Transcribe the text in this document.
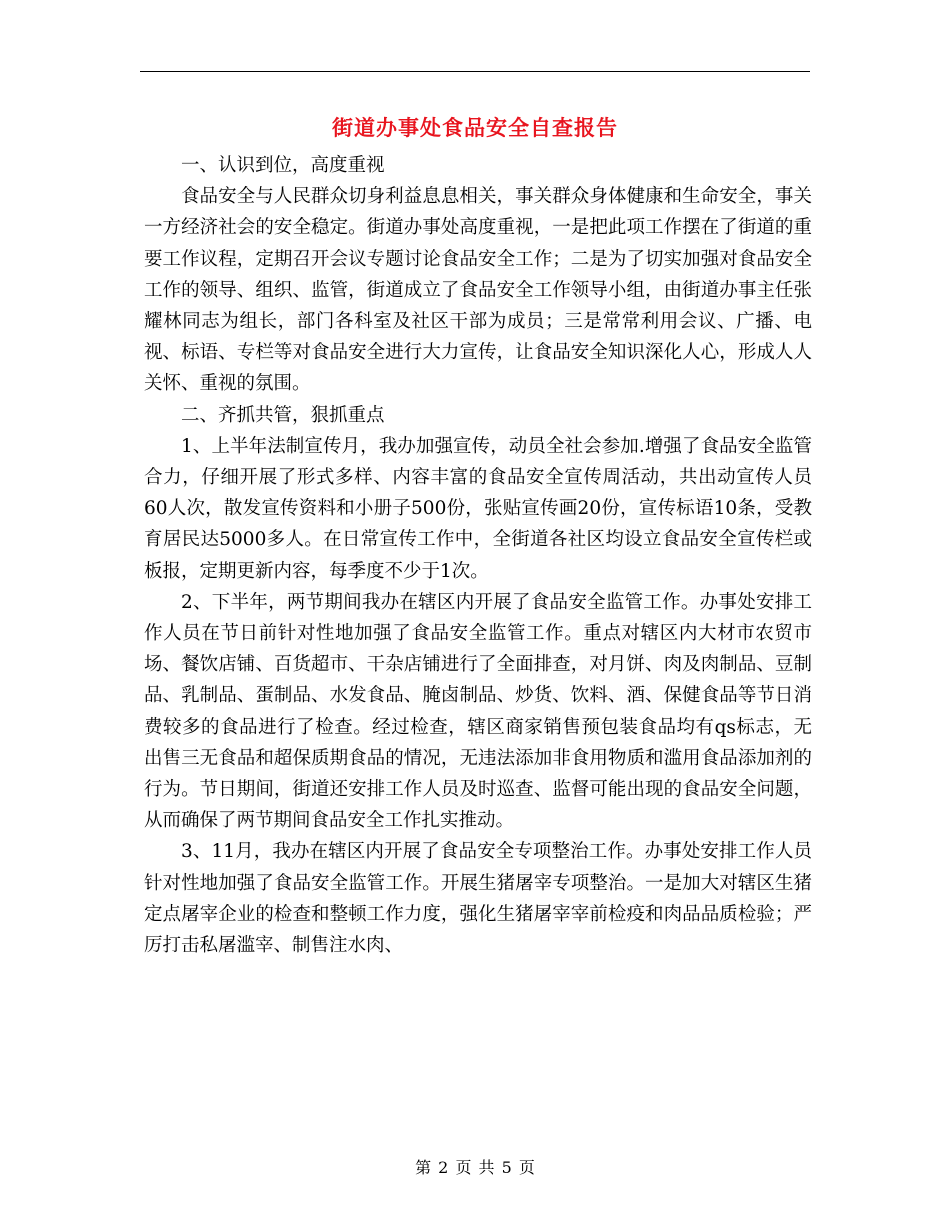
街道办事处食品安全自查报告

一、认识到位，高度重视

食品安全与人民群众切身利益息息相关，事关群众身体健康和生命安全，事关一方经济社会的安全稳定。街道办事处高度重视，一是把此项工作摆在了街道的重要工作议程，定期召开会议专题讨论食品安全工作；二是为了切实加强对食品安全工作的领导、组织、监管，街道成立了食品安全工作领导小组，由街道办事主任张耀林同志为组长，部门各科室及社区干部为成员；三是常常利用会议、广播、电视、标语、专栏等对食品安全进行大力宣传，让食品安全知识深化人心，形成人人关怀、重视的氛围。

二、齐抓共管，狠抓重点

1、上半年法制宣传月，我办加强宣传，动员全社会参加.增强了食品安全监管合力，仔细开展了形式多样、内容丰富的食品安全宣传周活动，共出动宣传人员60人次，散发宣传资料和小册子500份，张贴宣传画20份，宣传标语10条，受教育居民达5000多人。在日常宣传工作中，全街道各社区均设立食品安全宣传栏或板报，定期更新内容，每季度不少于1次。

2、下半年，两节期间我办在辖区内开展了食品安全监管工作。办事处安排工作人员在节日前针对性地加强了食品安全监管工作。重点对辖区内大材市农贸市场、餐饮店铺、百货超市、干杂店铺进行了全面排查，对月饼、肉及肉制品、豆制品、乳制品、蛋制品、水发食品、腌卤制品、炒货、饮料、酒、保健食品等节日消费较多的食品进行了检查。经过检查，辖区商家销售预包装食品均有qs标志，无出售三无食品和超保质期食品的情况，无违法添加非食用物质和滥用食品添加剂的行为。节日期间，街道还安排工作人员及时巡查、监督可能出现的食品安全问题，从而确保了两节期间食品安全工作扎实推动。

3、11月，我办在辖区内开展了食品安全专项整治工作。办事处安排工作人员针对性地加强了食品安全监管工作。开展生猪屠宰专项整治。一是加大对辖区生猪定点屠宰企业的检查和整顿工作力度，强化生猪屠宰宰前检疫和肉品品质检验；严厉打击私屠滥宰、制售注水肉、

第 2 页 共 5 页
